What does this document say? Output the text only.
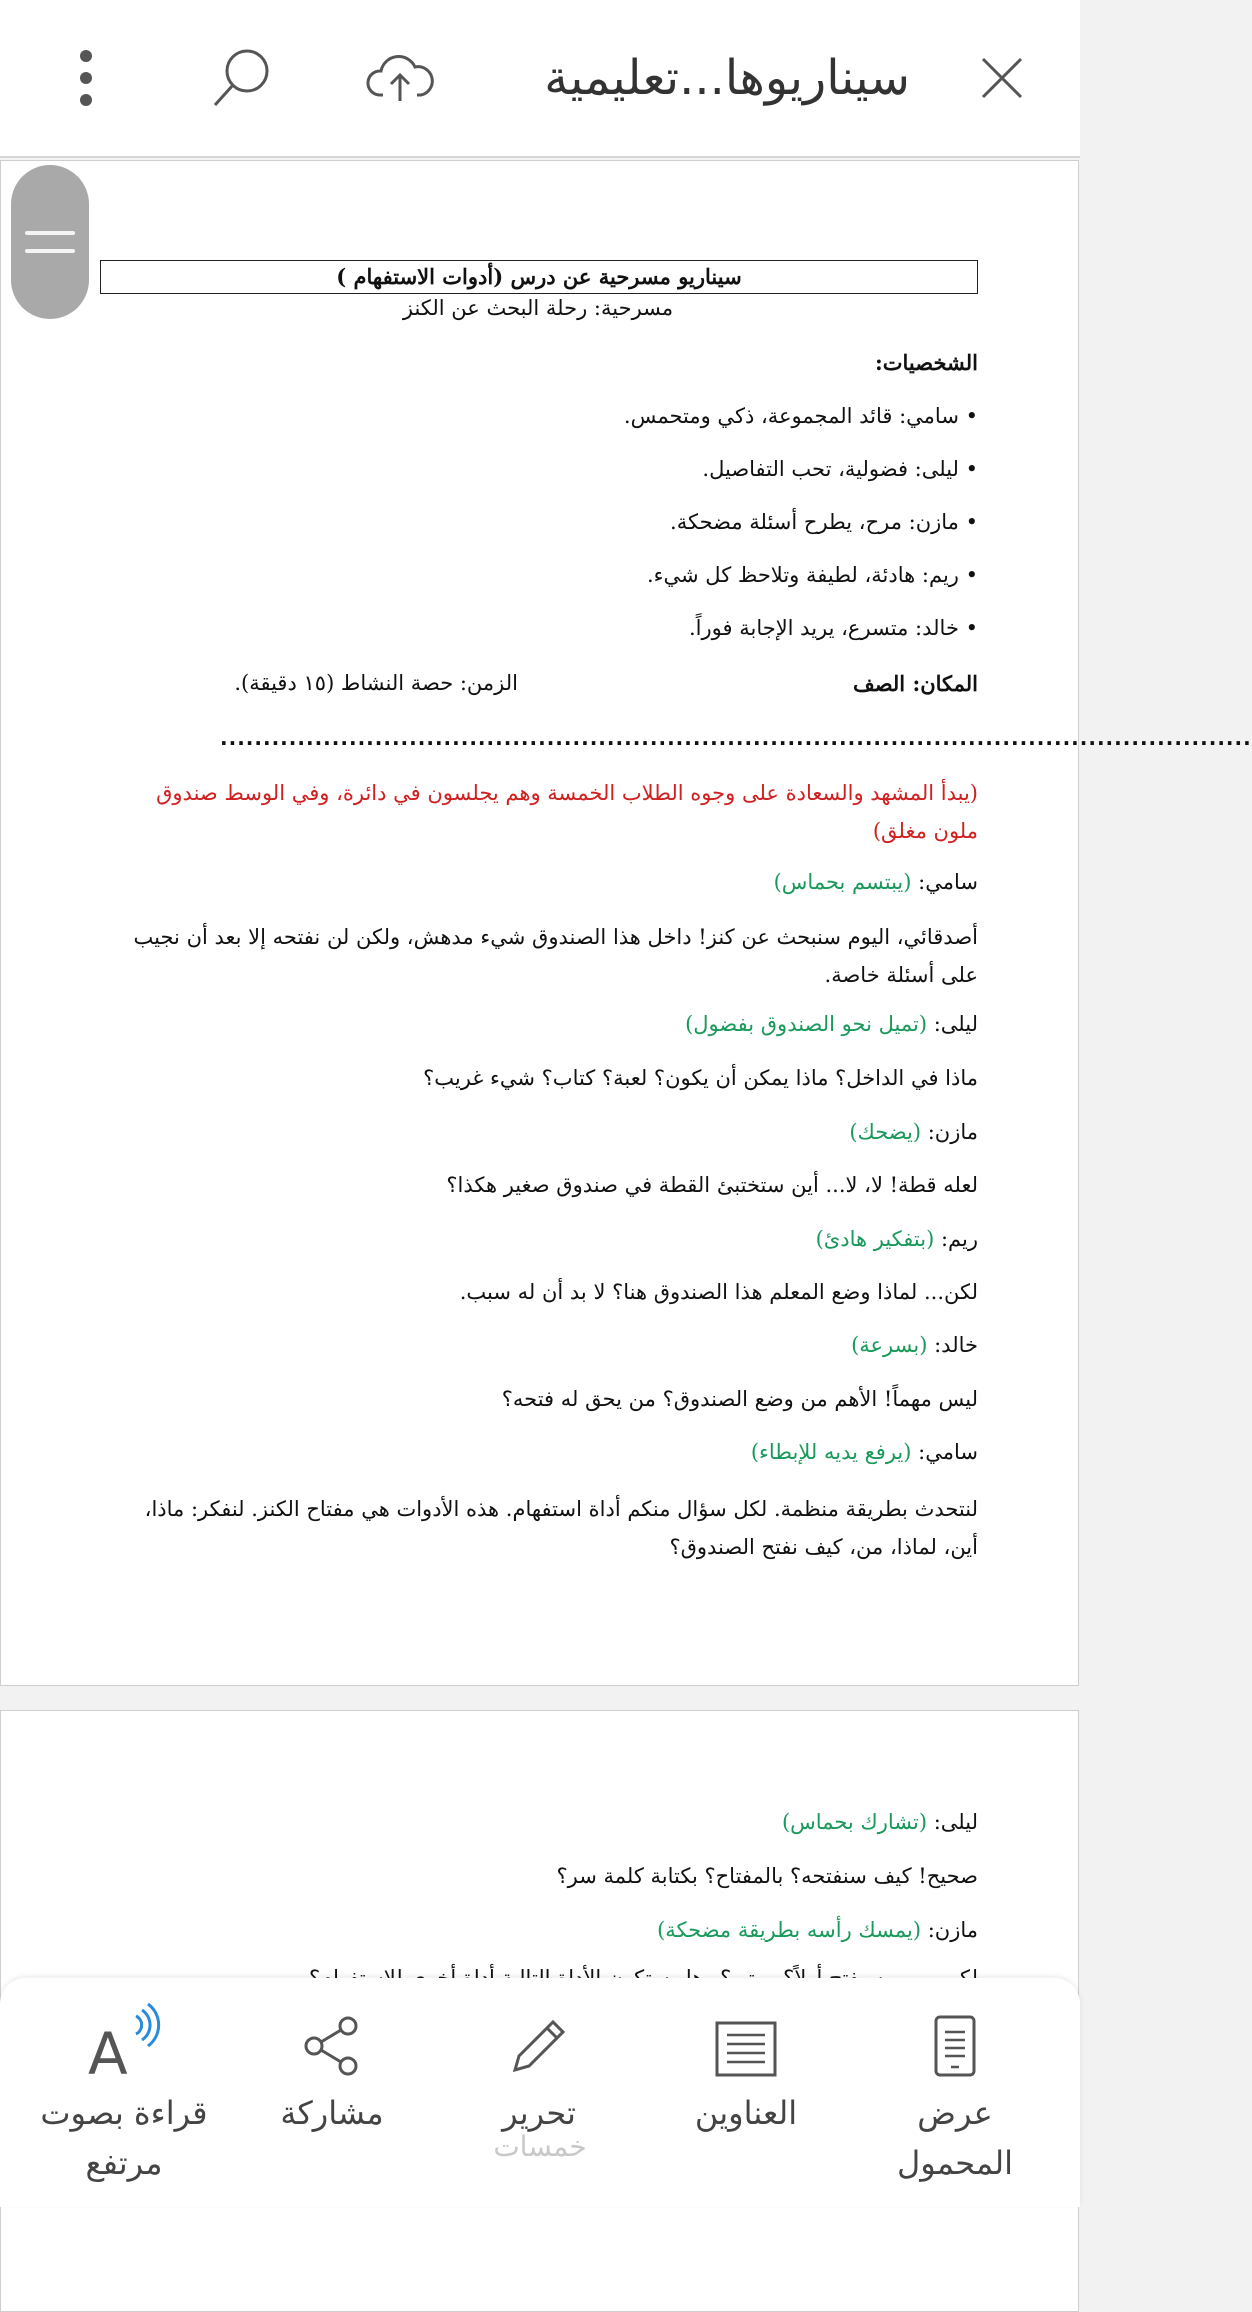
سيناريوها...تعليمية
سيناريو مسرحية عن درس (أدوات الاستفهام )
مسرحية: رحلة البحث عن الكنز
الشخصيات:
• سامي: قائد المجموعة، ذكي ومتحمس.
• ليلى: فضولية، تحب التفاصيل.
• مازن: مرح، يطرح أسئلة مضحكة.
• ريم: هادئة، لطيفة وتلاحظ كل شيء.
• خالد: متسرع، يريد الإجابة فوراً.
المكان: الصف
الزمن: حصة النشاط (١٥ دقيقة).
(يبدأ المشهد والسعادة على وجوه الطلاب الخمسة وهم يجلسون في دائرة، وفي الوسط صندوق ملون مغلق)
سامي: (يبتسم بحماس)
أصدقائي، اليوم سنبحث عن كنز! داخل هذا الصندوق شيء مدهش، ولكن لن نفتحه إلا بعد أن نجيب على أسئلة خاصة.
ليلى: (تميل نحو الصندوق بفضول)
ماذا في الداخل؟ ماذا يمكن أن يكون؟ لعبة؟ كتاب؟ شيء غريب؟
مازن: (يضحك)
لعله قطة! لا، لا... أين ستختبئ القطة في صندوق صغير هكذا؟
ريم: (بتفكير هادئ)
لكن... لماذا وضع المعلم هذا الصندوق هنا؟ لا بد أن له سبب.
خالد: (بسرعة)
ليس مهماً! الأهم من وضع الصندوق؟ من يحق له فتحه؟
سامي: (يرفع يديه للإبطاء)
لنتحدث بطريقة منظمة. لكل سؤال منكم أداة استفهام. هذه الأدوات هي مفتاح الكنز. لنفكر: ماذا، أين، لماذا، من، كيف نفتح الصندوق؟
........................................................................................................................
ليلى: (تشارك بحماس)
صحيح! كيف سنفتحه؟ بالمفتاح؟ بكتابة كلمة سر؟
مازن: (يمسك رأسه بطريقة مضحكة)
عرض المحمول
العناوين
تحرير
مشاركة
A
قراءة بصوت مرتفع	خمسات
